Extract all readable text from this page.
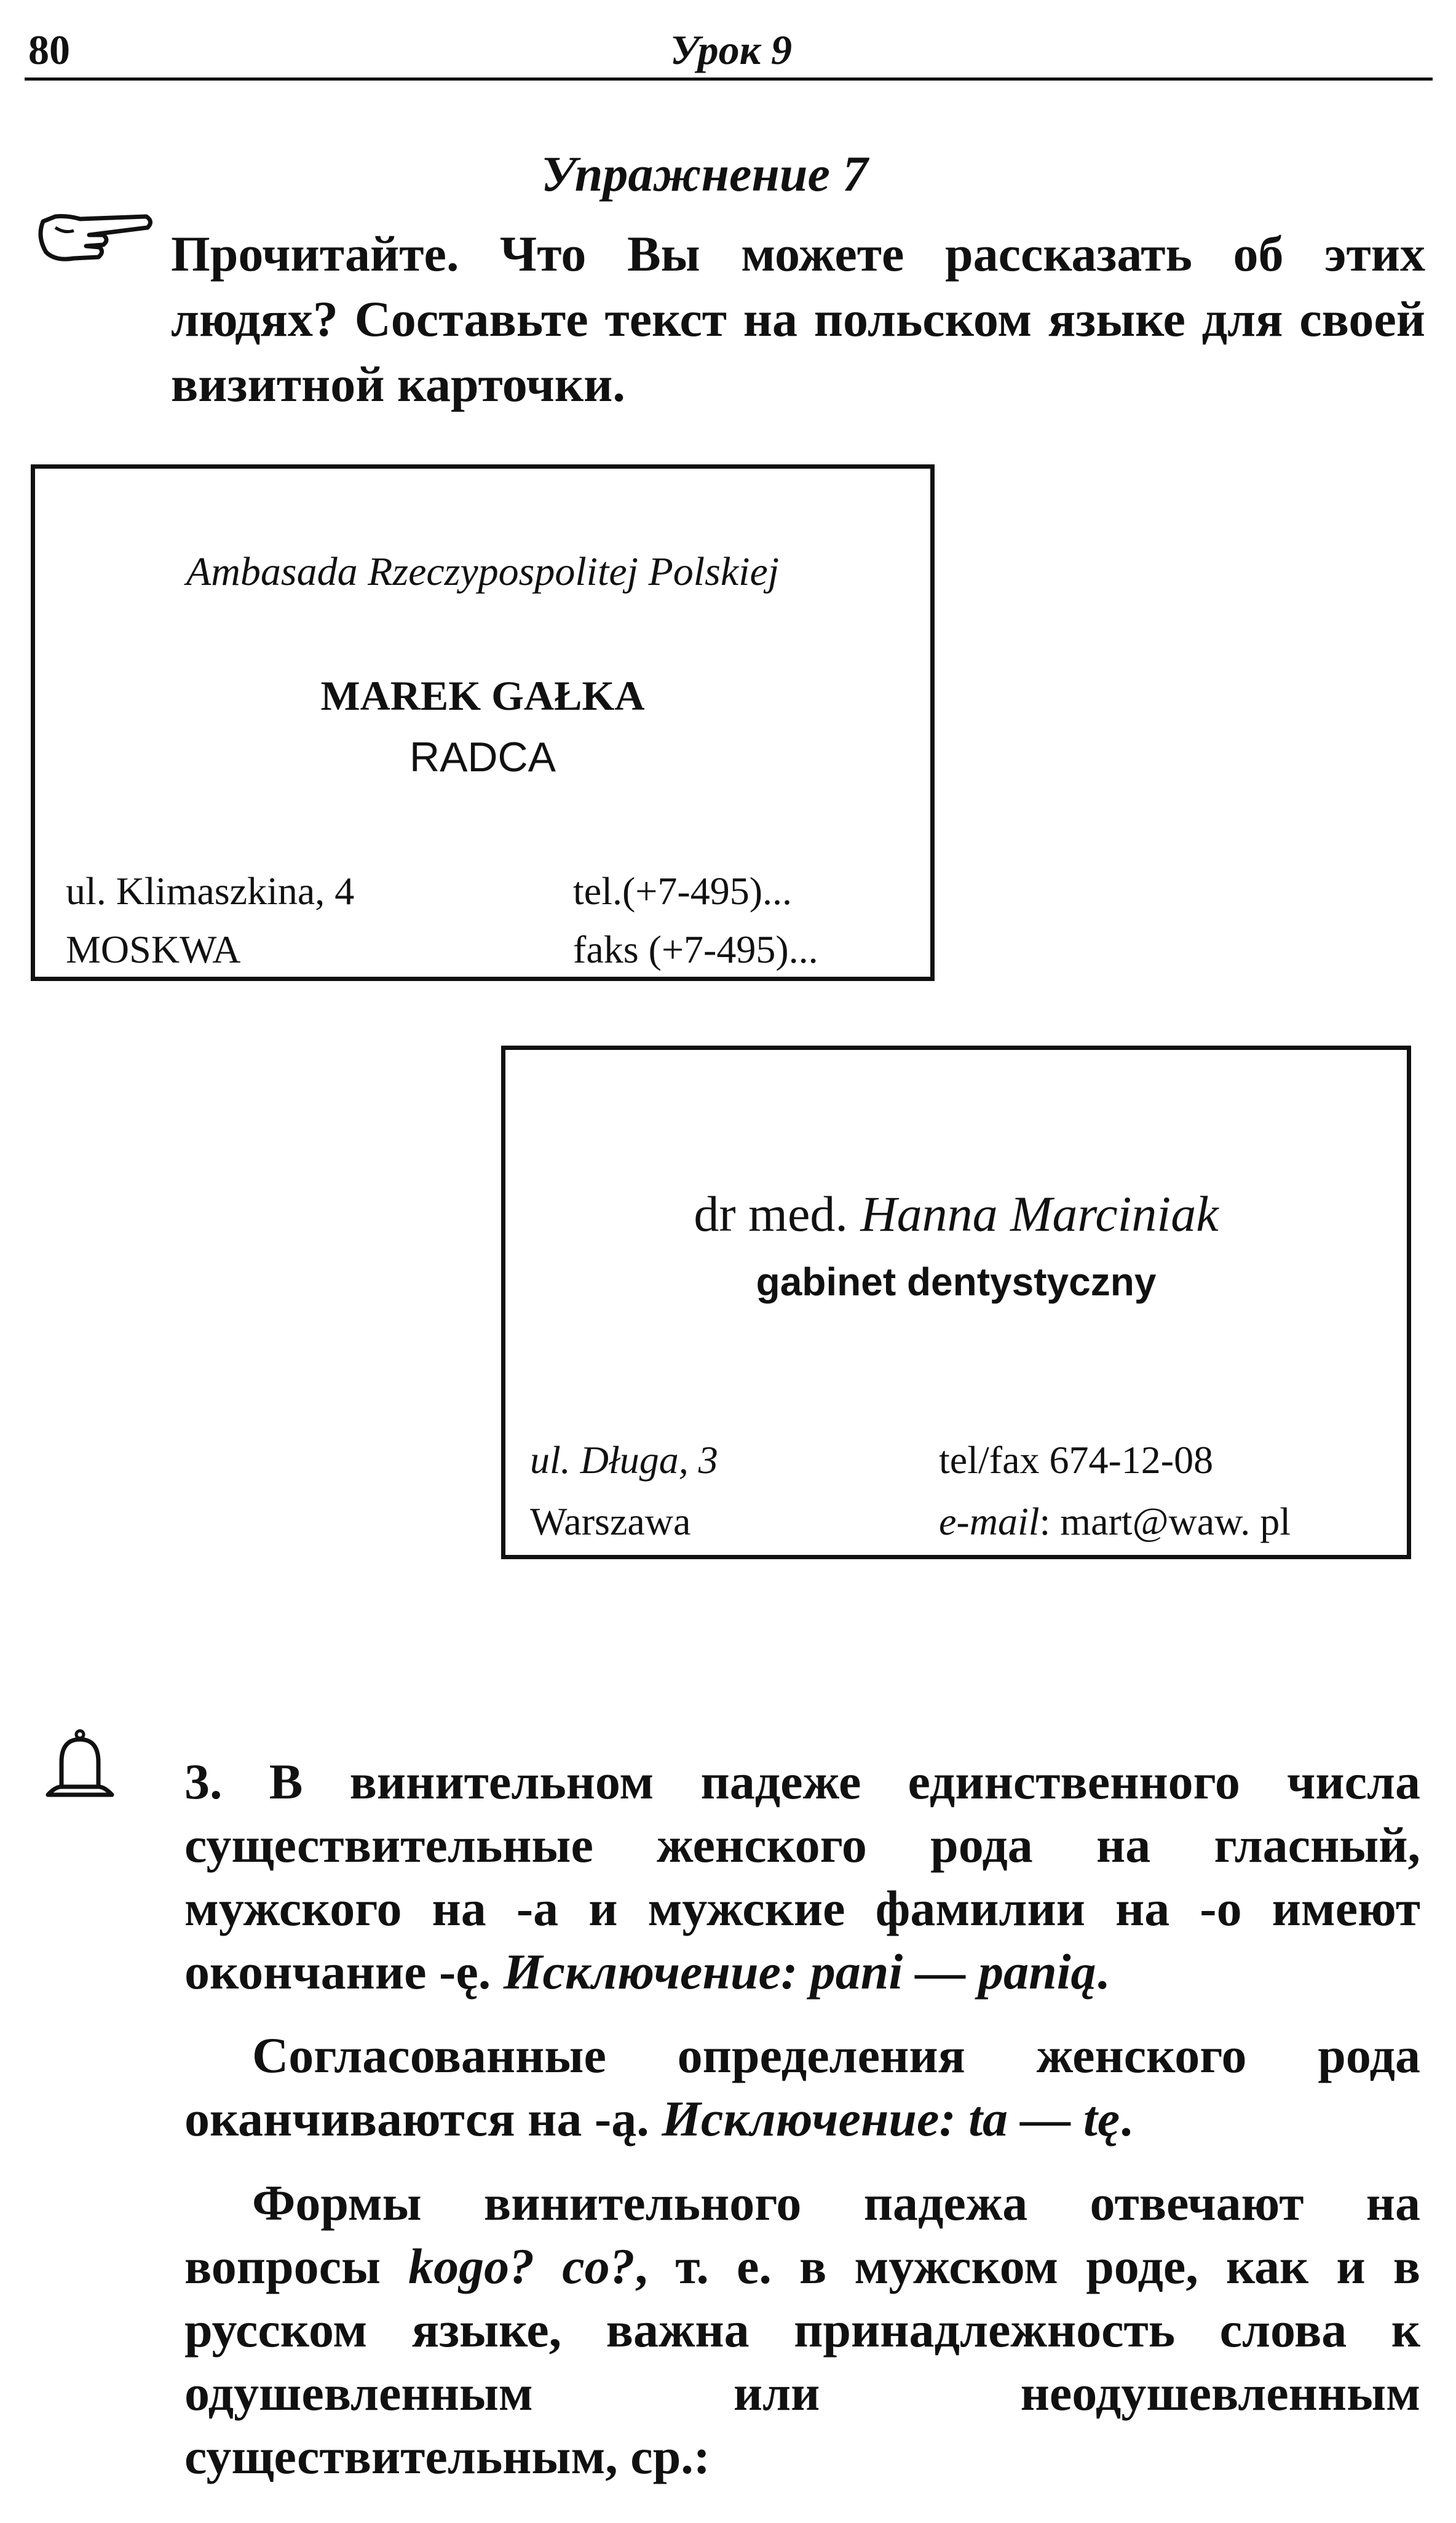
80	Урок 9
Упражнение 7
Прочитайте. Что Вы можете рассказать об этих людях? Составьте текст на польском языке для своей визитной карточки.
Ambasada Rzeczypospolitej Polskiej
MAREK GAŁKA
RADCA
ul. Klimaszkina, 4
MOSKWA
tel.(+7-495)...
faks (+7-495)...
dr med. Hanna Marciniak
gabinet dentystyczny
ul. Długa, 3
Warszawa
tel/fax 674-12-08
e-mail: mart@waw. pl
3. В винительном падеже единственного числа существительные женского рода на гласный, мужского на -а и мужские фамилии на -о имеют окончание -ę. Исключение: pani — panią.
Согласованные определения женского рода оканчиваются на -ą. Исключение: ta — tę.
Формы винительного падежа отвечают на вопросы kogo? co?, т. е. в мужском роде, как и в русском языке, важна принадлежность слова к одушевленным или неодушевленным существительным, ср.:
